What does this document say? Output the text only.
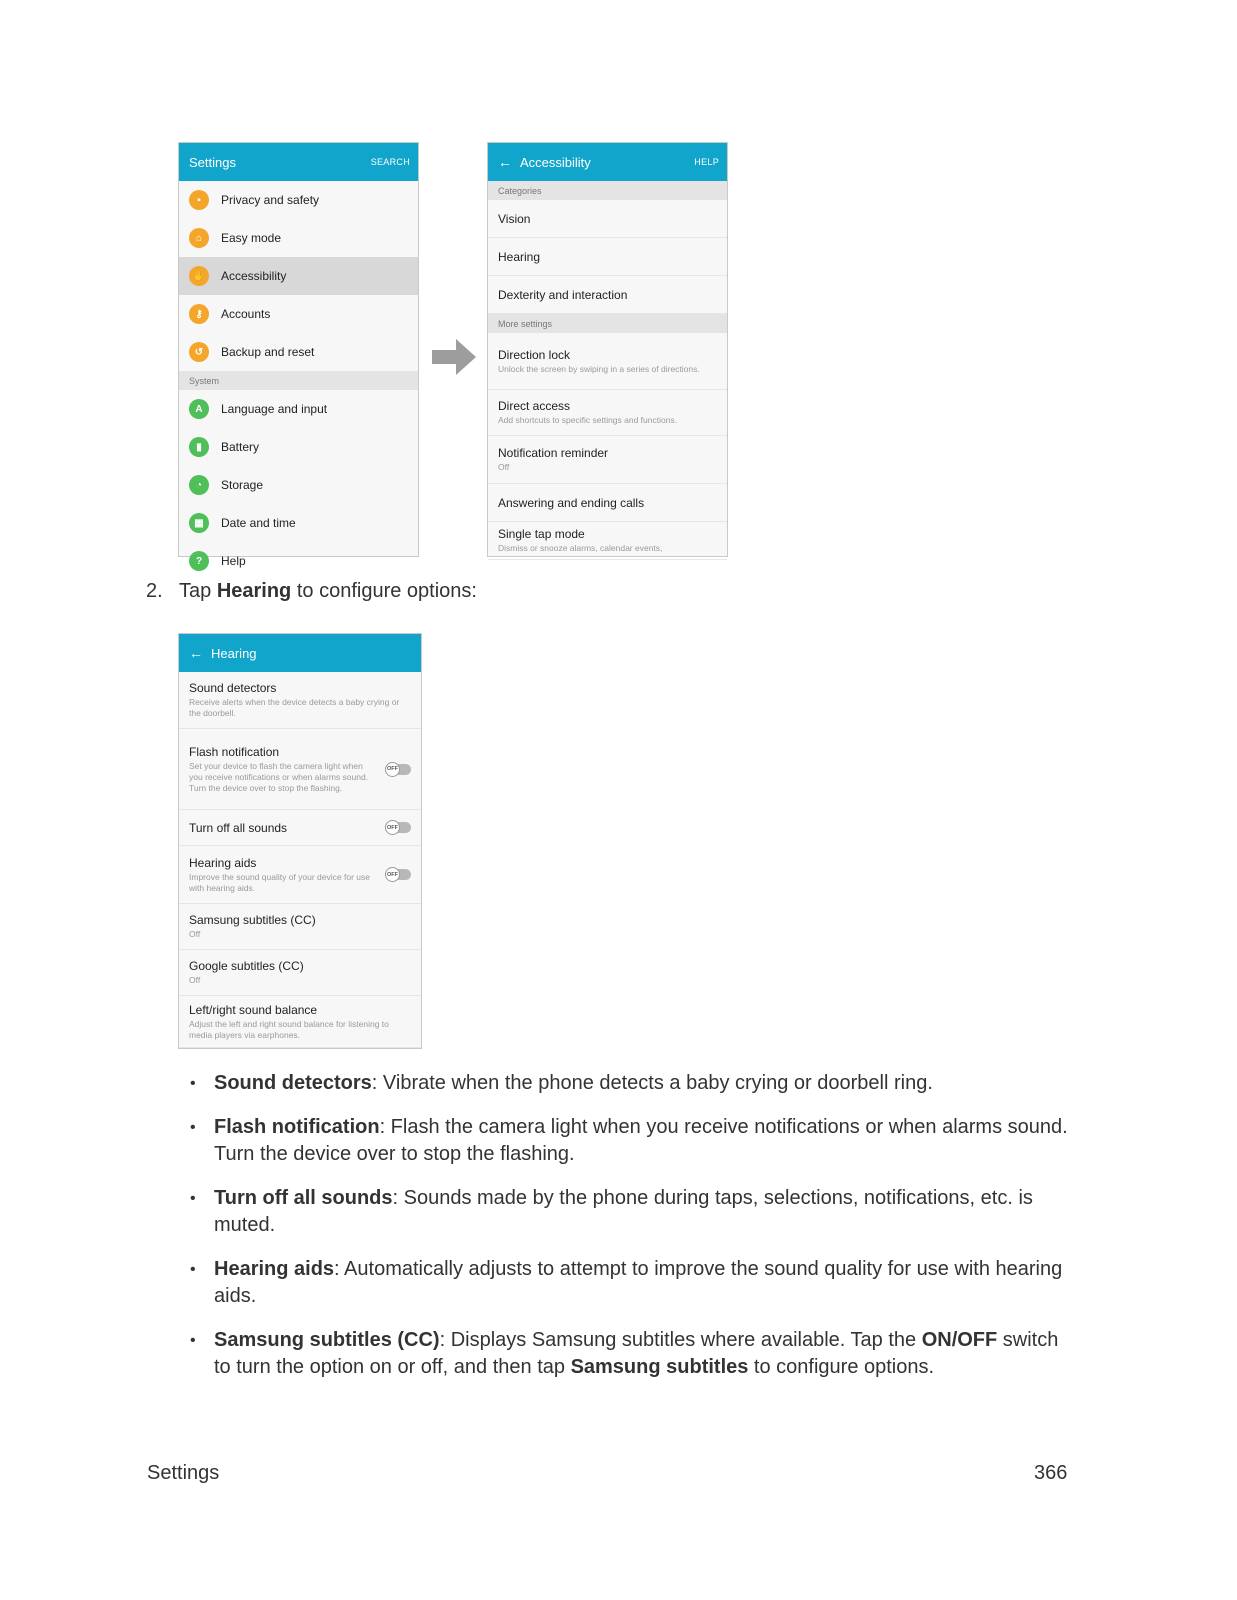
Settings	SEARCH
▪	Privacy and safety
⌂	Easy mode
✋	Accessibility
⚷	Accounts
↺	Backup and reset
System
A	Language and input
▮	Battery
◔	Storage
▦	Date and time
?	Help
← Accessibility	HELP
Categories
Vision
Hearing
Dexterity and interaction
More settings
Direction lock
Unlock the screen by swiping in a series of directions.
Direct access
Add shortcuts to specific settings and functions.
Notification reminder
Off
Answering and ending calls
Single tap mode
Dismiss or snooze alarms, calendar events,
2. Tap Hearing to configure options:
← Hearing
Sound detectors
Receive alerts when the device detects a baby crying or the doorbell.
Flash notification
Set your device to flash the camera light when you receive notifications or when alarms sound. Turn the device over to stop the flashing.
OFF
Turn off all sounds	OFF
Hearing aids
Improve the sound quality of your device for use with hearing aids.
OFF
Samsung subtitles (CC)
Off
Google subtitles (CC)
Off
Left/right sound balance
Adjust the left and right sound balance for listening to media players via earphones.
• Sound detectors: Vibrate when the phone detects a baby crying or doorbell ring.
• Flash notification: Flash the camera light when you receive notifications or when alarms sound. Turn the device over to stop the flashing.
• Turn off all sounds: Sounds made by the phone during taps, selections, notifications, etc. is muted.
• Hearing aids: Automatically adjusts to attempt to improve the sound quality for use with hearing aids.
• Samsung subtitles (CC): Displays Samsung subtitles where available. Tap the ON/OFF switch to turn the option on or off, and then tap Samsung subtitles to configure options.
Settings	366
